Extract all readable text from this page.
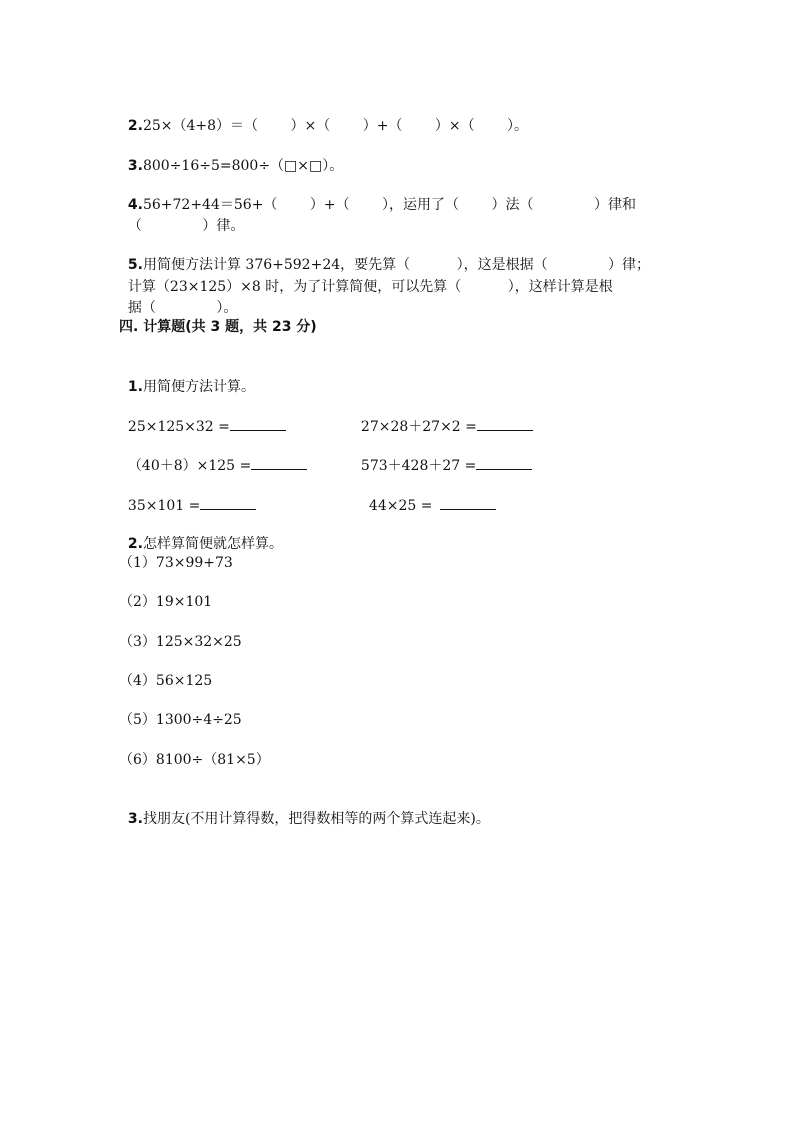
2.25×（4+8）＝（　　 ）×（　　 ）+（　　 ）×（　　 ）。

3.800÷16÷5=800÷（□×□）。

4.56+72+44＝56+（　　 ）+（　　 ），运用了（　　 ）法（　　　　 ）律和

（　　　　 ）律。

5.用简便方法计算 376+592+24，要先算（　　　 ），这是根据（　　　　 ）律；

计算（23×125）×8 时，为了计算简便，可以先算（　　　 ），这样计算是根

据（　　　　 ）。

四. 计算题(共 3 题，共 23 分)

1.用简便方法计算。

25×125×32 =	27×28＋27×2 =

（40＋8）×125 =	573＋428＋27 =

35×101 =	44×25 =

2.怎样算简便就怎样算。

（1）73×99+73
（2）19×101
（3）125×32×25
（4）56×125
（5）1300÷4÷25
（6）8100÷（81×5）

3.找朋友(不用计算得数，把得数相等的两个算式连起来)。
